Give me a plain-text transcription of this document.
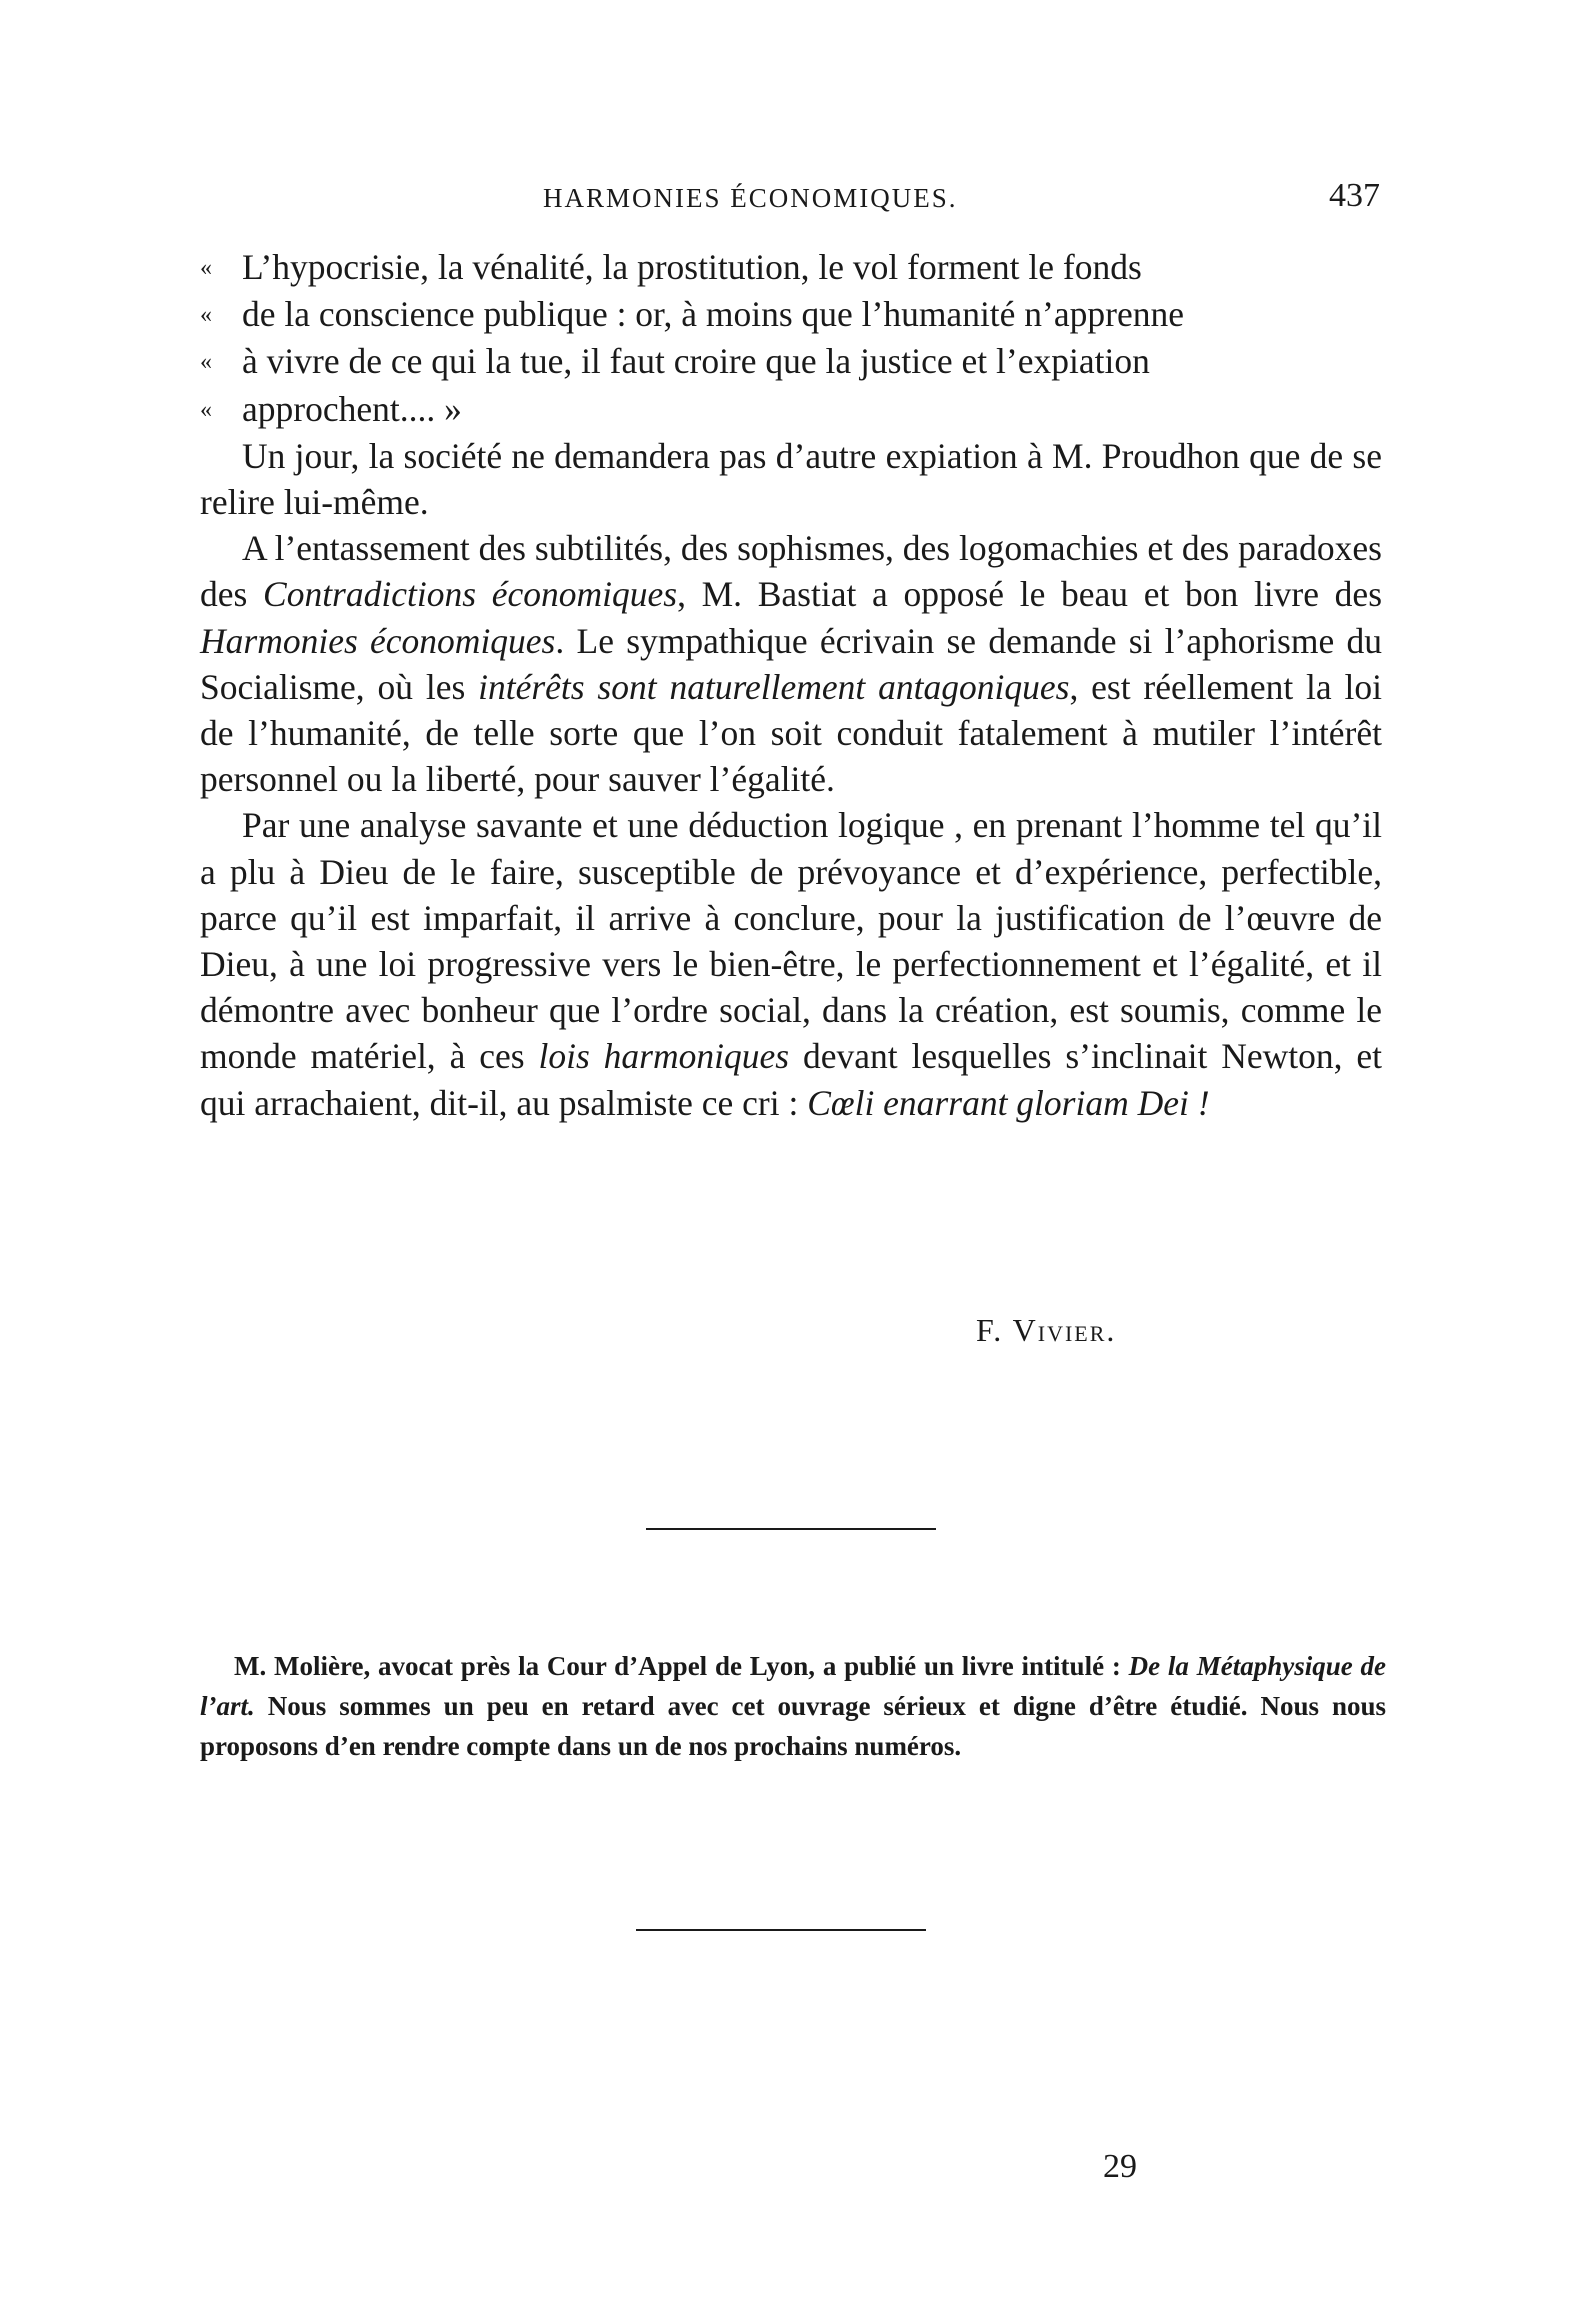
HARMONIES ÉCONOMIQUES.	437
« L’hypocrisie, la vénalité, la prostitution, le vol forment le fonds
« de la conscience publique : or, à moins que l’humanité n’apprenne
« à vivre de ce qui la tue, il faut croire que la justice et l’expiation
« approchent.... »

Un jour, la société ne demandera pas d’autre expiation à M. Proudhon que de se relire lui-même.

A l’entassement des subtilités, des sophismes, des logomachies et des paradoxes des Contradictions économiques, M. Bastiat a opposé le beau et bon livre des Harmonies économiques. Le sympathique écrivain se demande si l’aphorisme du Socialisme, où les intérêts sont naturellement antagoniques, est réellement la loi de l’humanité, de telle sorte que l’on soit conduit fatalement à mutiler l’intérêt personnel ou la liberté, pour sauver l’égalité.

Par une analyse savante et une déduction logique , en prenant l’homme tel qu’il a plu à Dieu de le faire, susceptible de prévoyance et d’expérience, perfectible, parce qu’il est imparfait, il arrive à conclure, pour la justification de l’œuvre de Dieu, à une loi progressive vers le bien-être, le perfectionnement et l’égalité, et il démontre avec bonheur que l’ordre social, dans la création, est soumis, comme le monde matériel, à ces lois harmoniques devant lesquelles s’inclinait Newton, et qui arrachaient, dit-il, au psalmiste ce cri : Cœli enarrant gloriam Dei !

F. Vivier.

M. Molière, avocat près la Cour d’Appel de Lyon, a publié un livre intitulé : De la Métaphysique de l’art. Nous sommes un peu en retard avec cet ouvrage sérieux et digne d’être étudié. Nous nous proposons d’en rendre compte dans un de nos prochains numéros.

29
